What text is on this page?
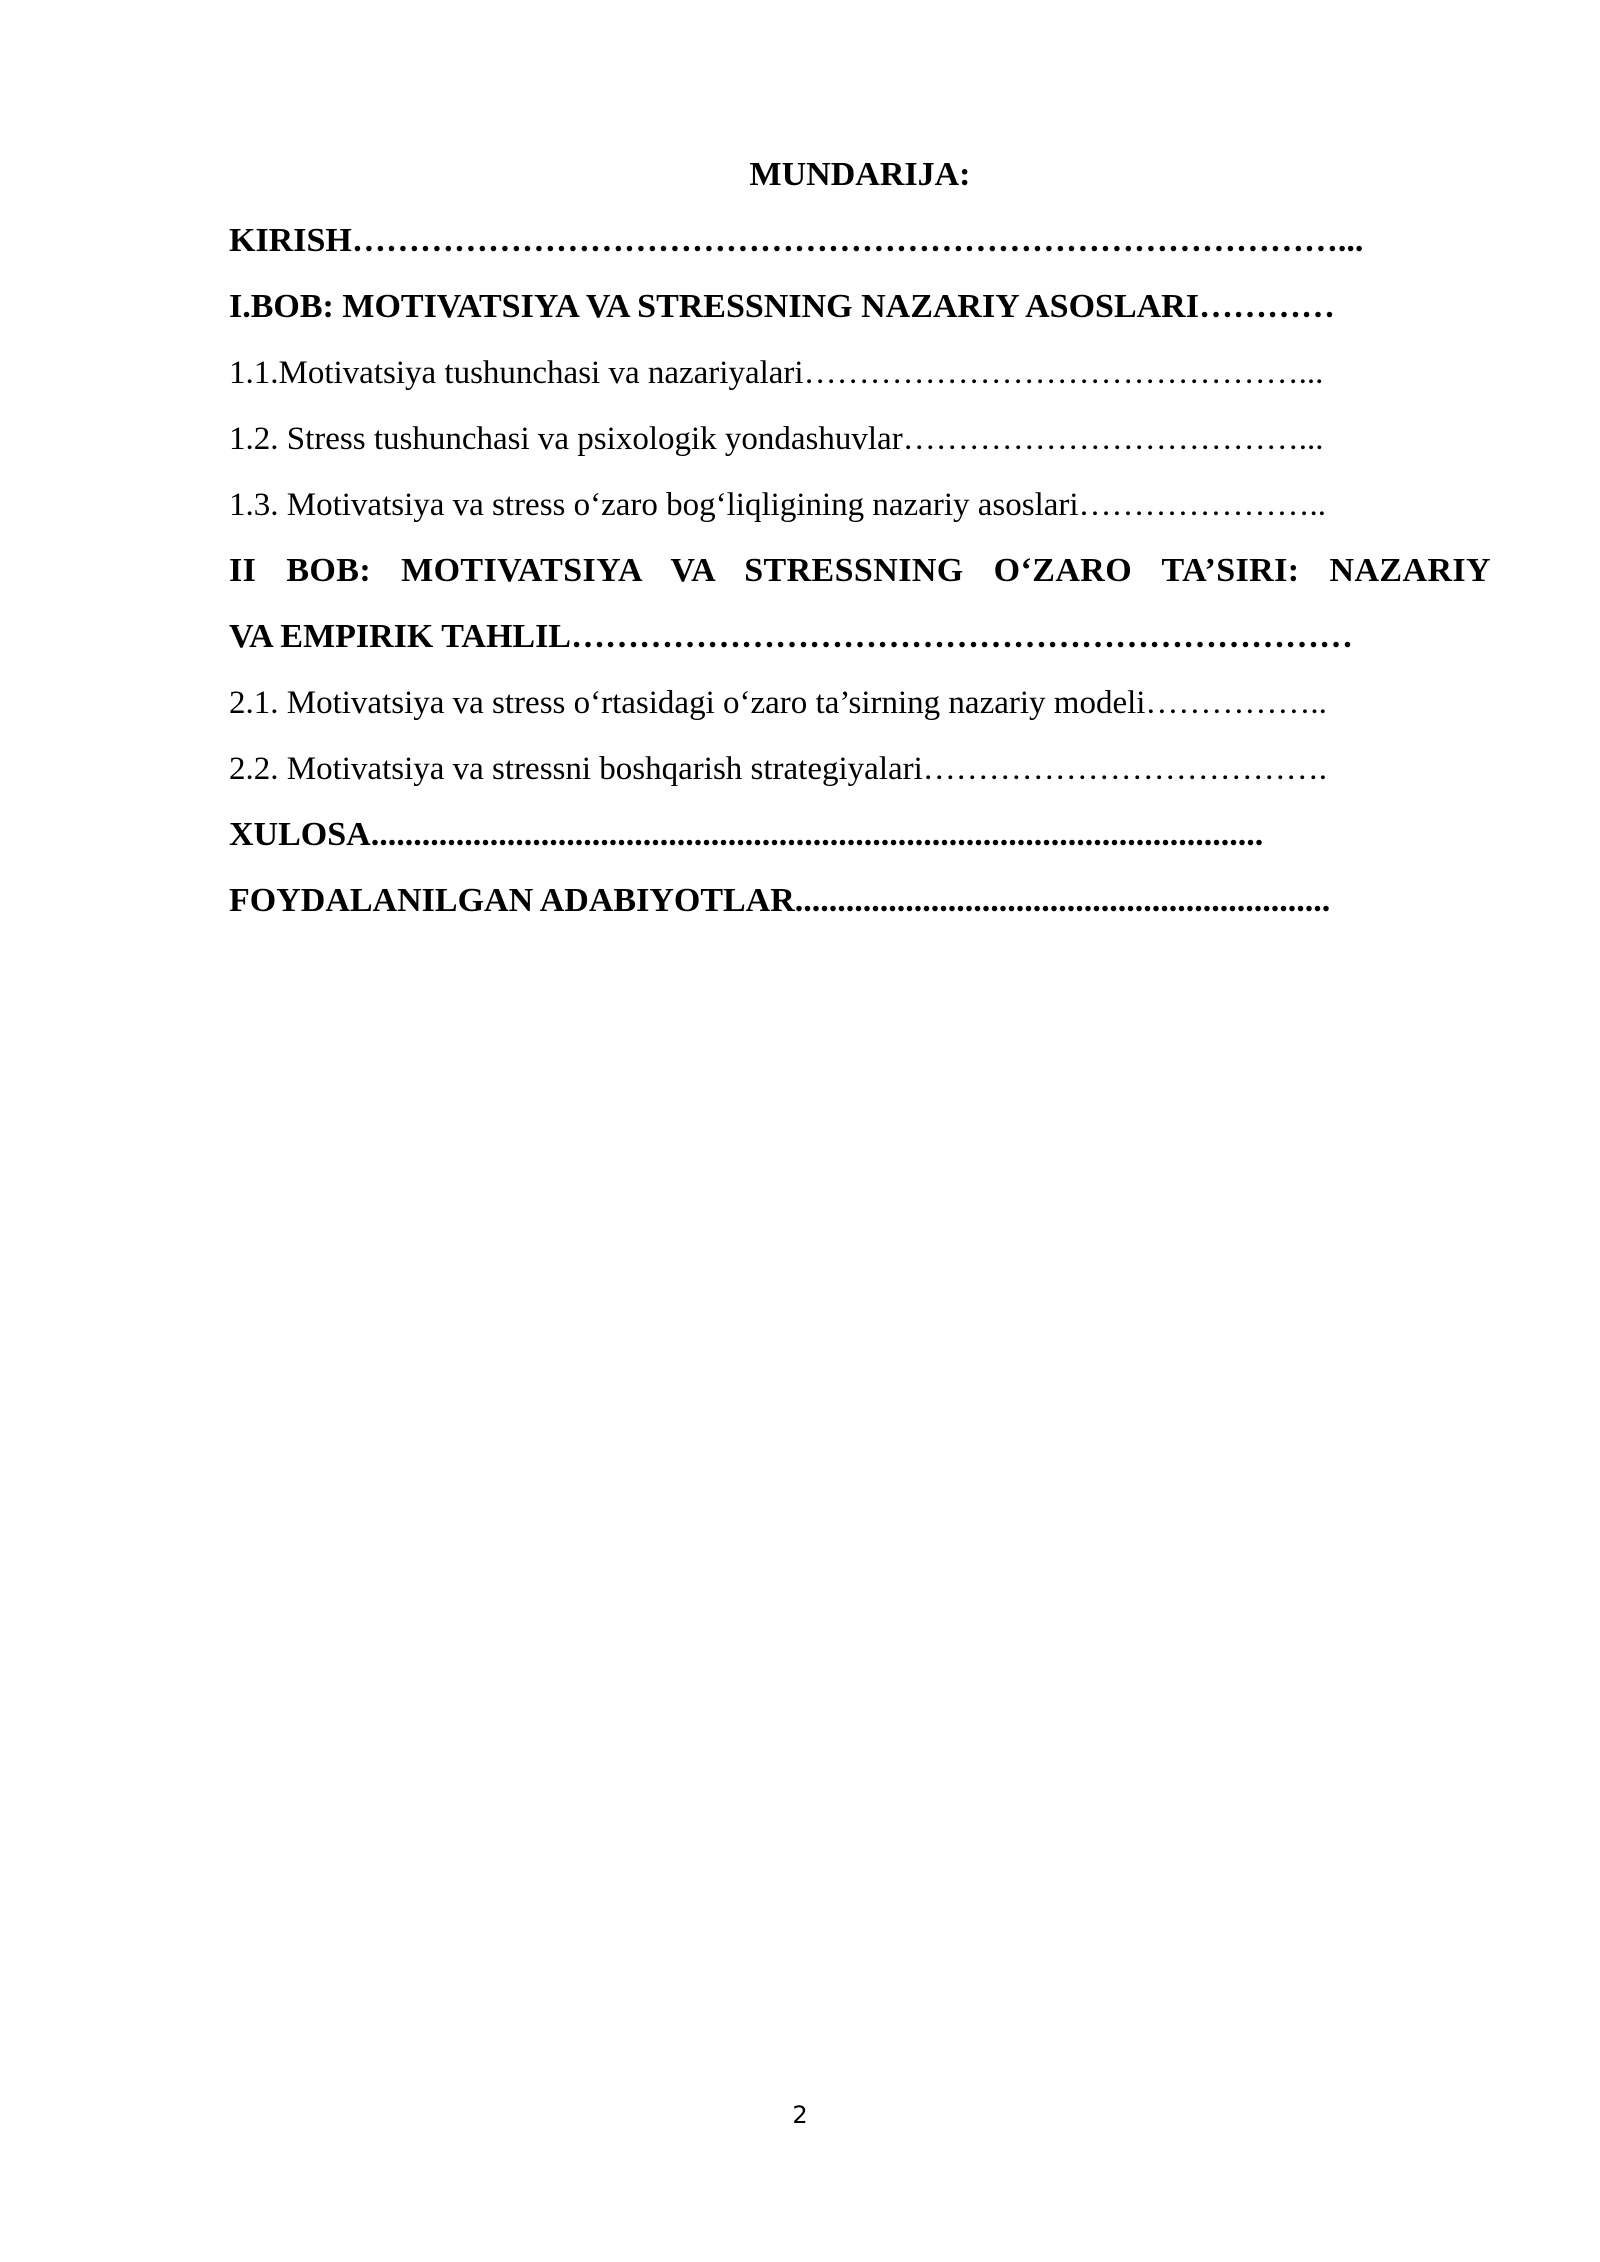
MUNDARIJA:
KIRISH……………………………………………………………………………...
I.BOB: MOTIVATSIYA VA STRESSNING NAZARIY ASOSLARI…………
1.1.Motivatsiya tushunchasi va nazariyalari………………………………………...
1.2. Stress tushunchasi va psixologik yondashuvlar………………………………...
1.3. Motivatsiya va stress o‘zaro bog‘liqligining nazariy asoslari…………………..
II BOB: MOTIVATSIYA VA STRESSNING O‘ZARO TA’SIRI: NAZARIY
VA EMPIRIK TAHLIL……………………………………………………………
2.1. Motivatsiya va stress o‘rtasidagi o‘zaro ta’sirning nazariy modeli……………..
2.2. Motivatsiya va stressni boshqarish strategiyalari……………………………….
XULOSA.........................................................................................................
FOYDALANILGAN ADABIYOTLAR...............................................................
2
